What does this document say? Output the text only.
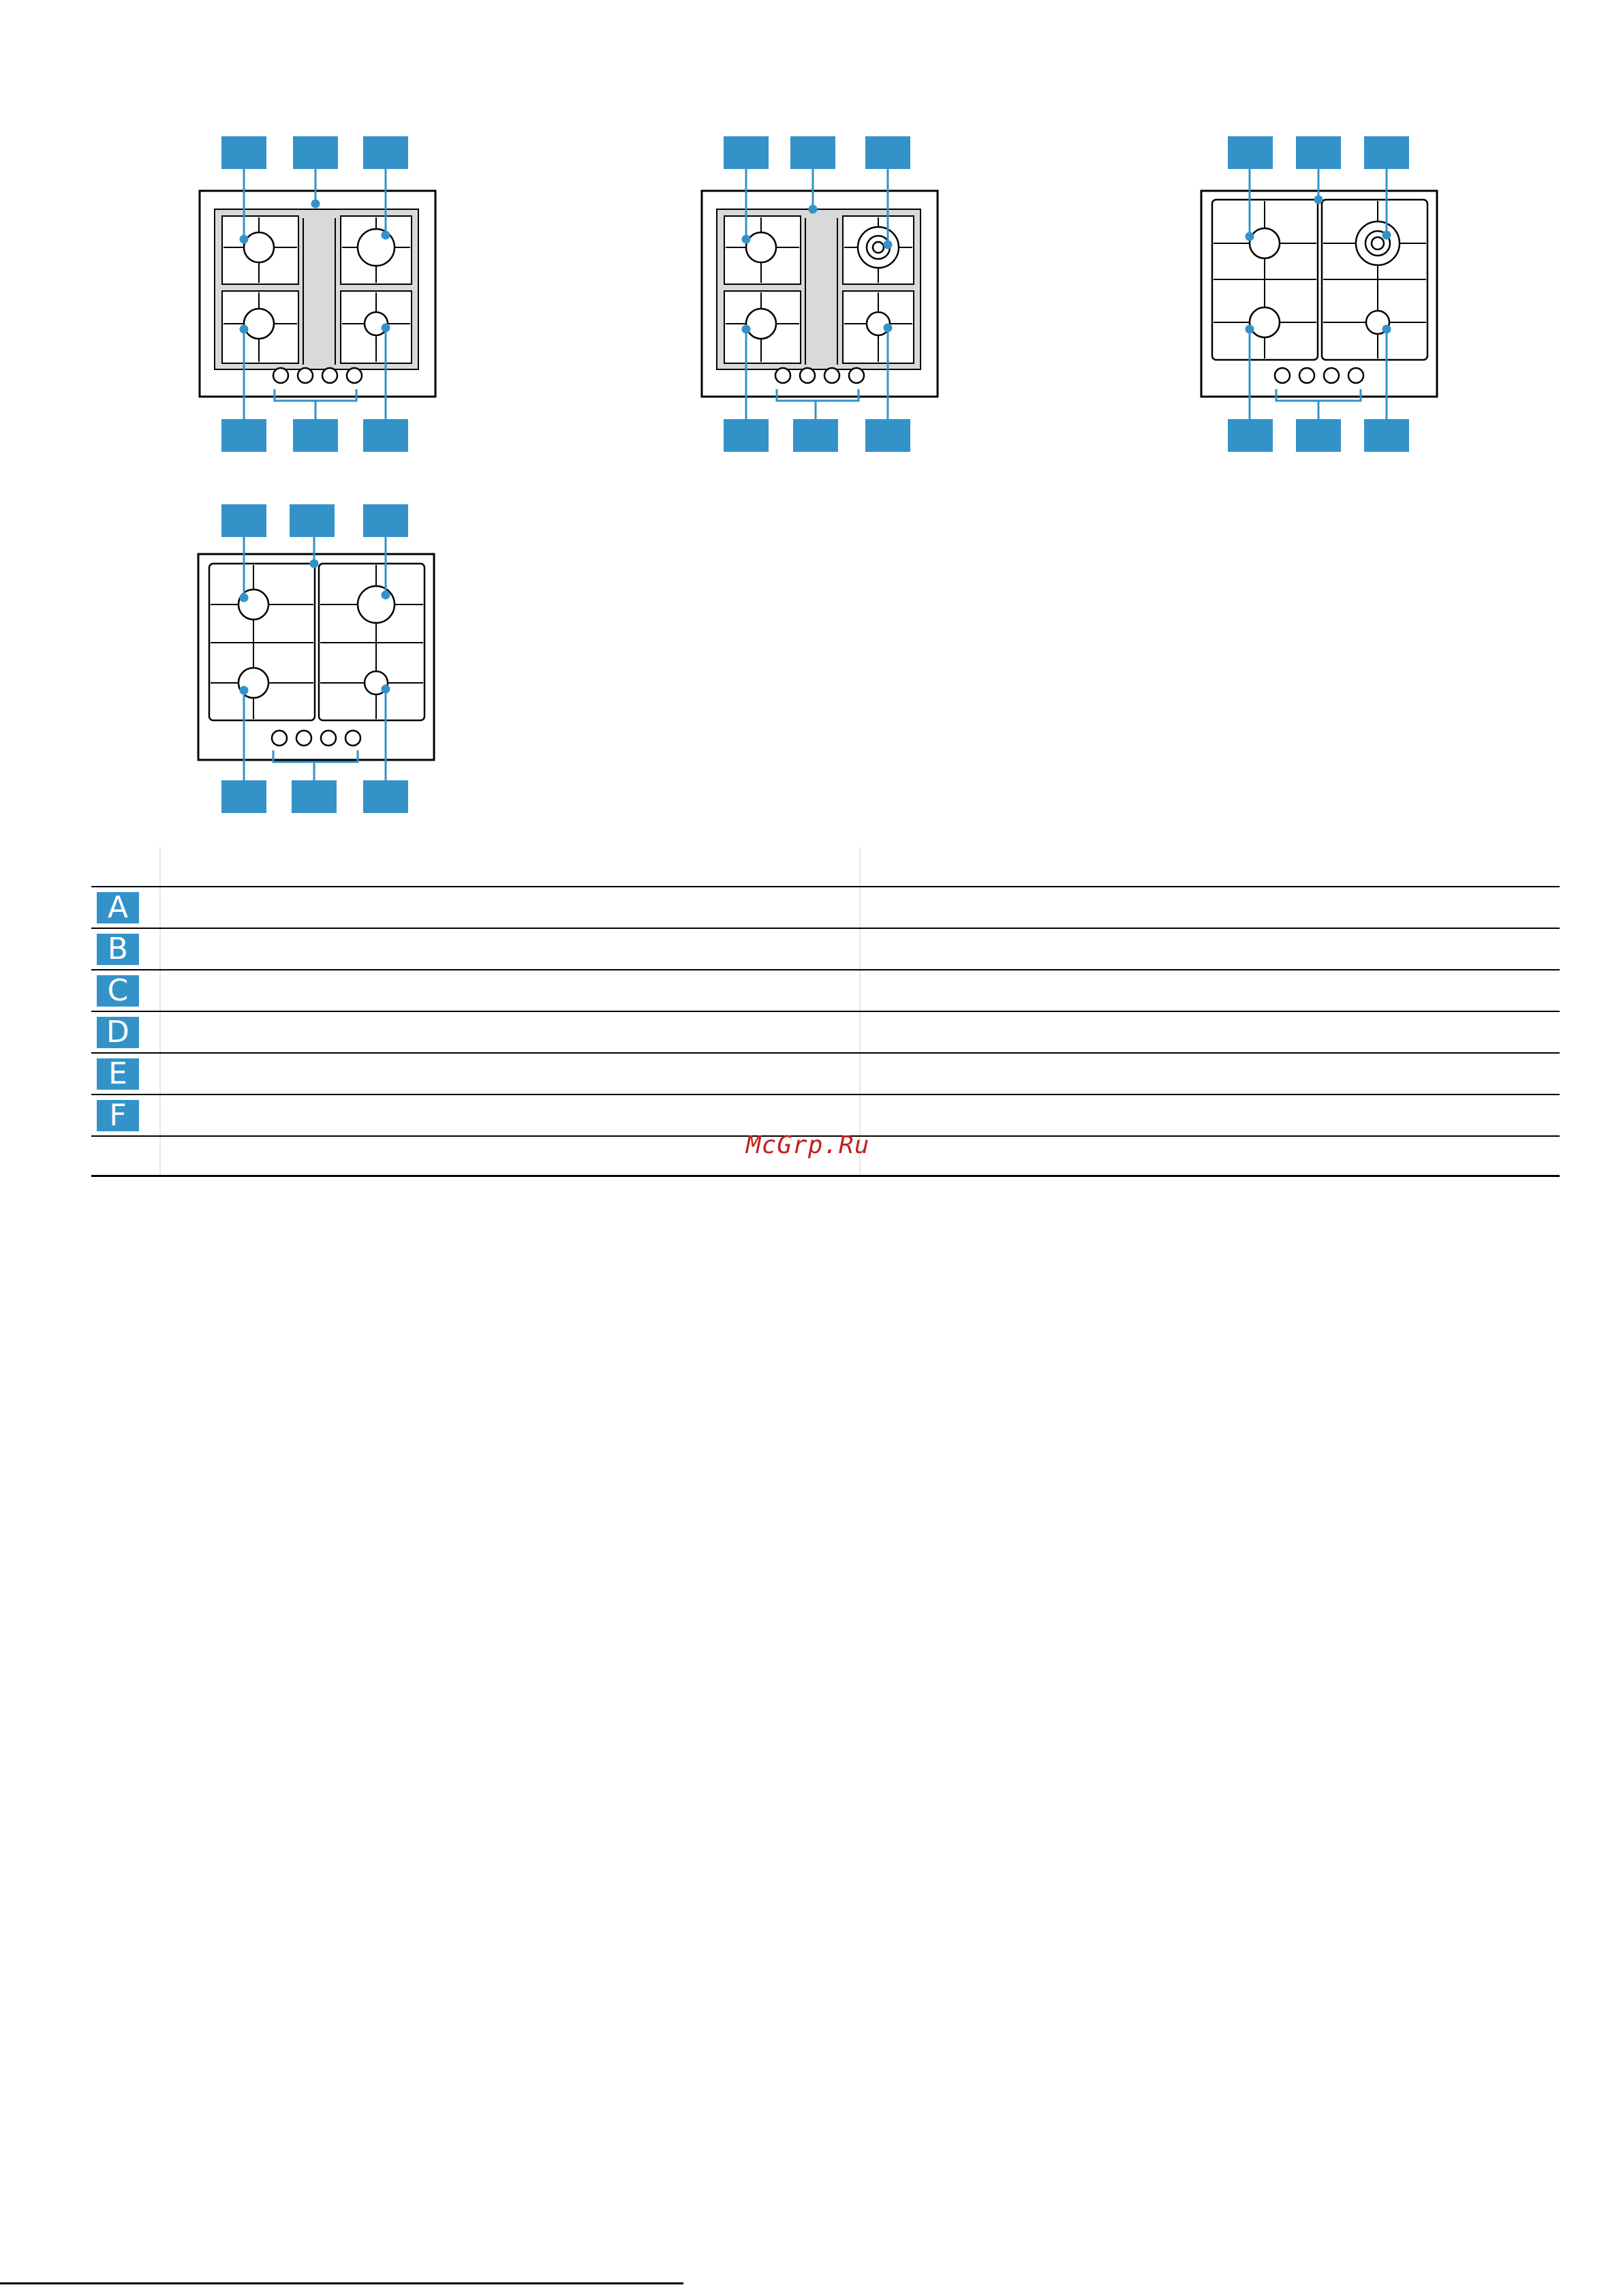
A		
B		
C		
D		
E		
F		

McGrp.Ru
